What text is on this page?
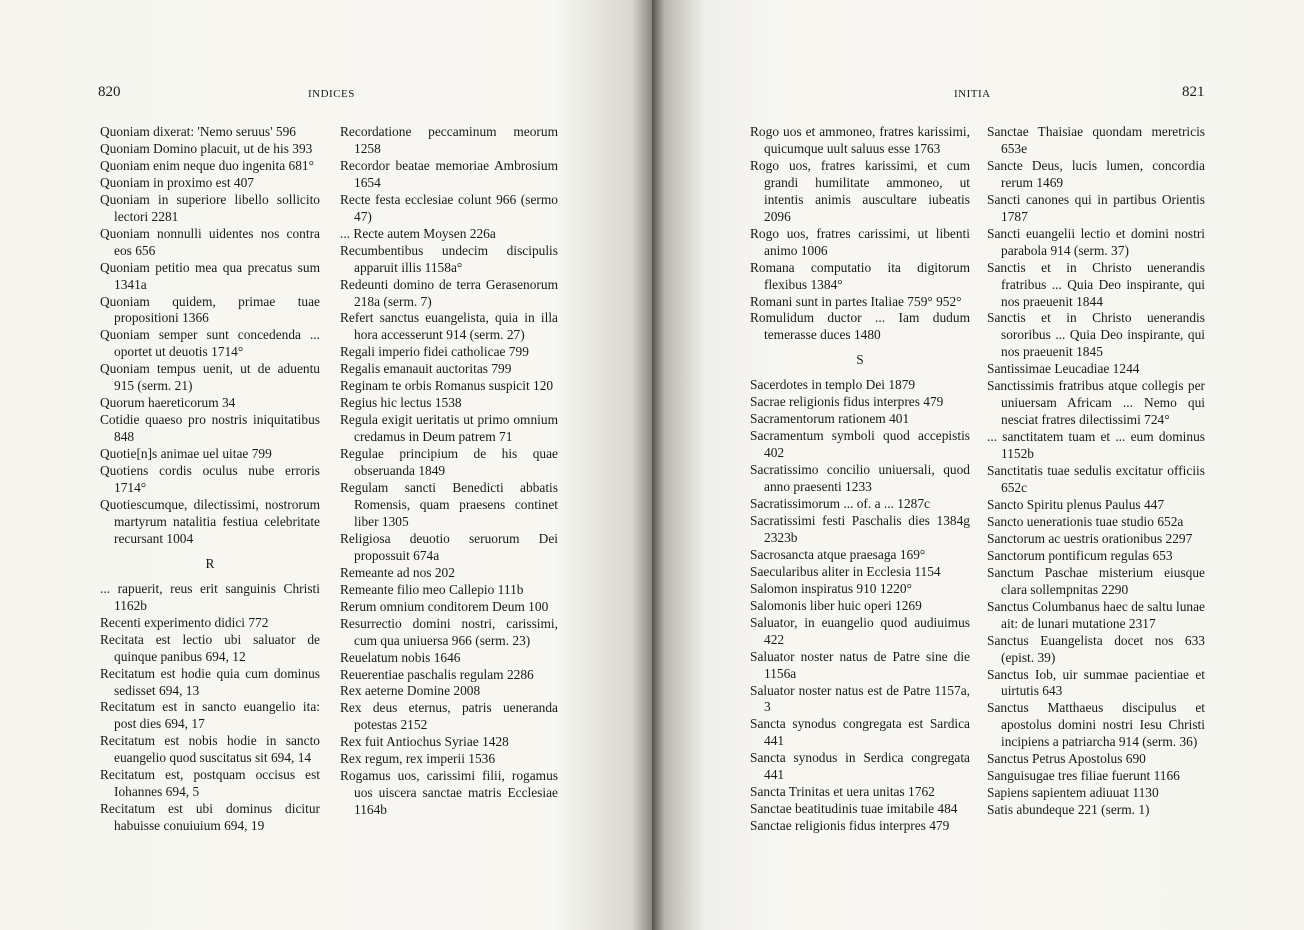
820	INDICES
Quoniam dixerat: 'Nemo seruus' 596
Quoniam Domino placuit, ut de his 393
Quoniam enim neque duo ingenita 681°
Quoniam in proximo est 407
Quoniam in superiore libello sollicito lectori 2281
Quoniam nonnulli uidentes nos contra eos 656
Quoniam petitio mea qua precatus sum 1341a
Quoniam quidem, primae tuae propositioni 1366
Quoniam semper sunt concedenda ... oportet ut deuotis 1714°
Quoniam tempus uenit, ut de aduentu 915 (serm. 21)
Quorum haereticorum 34
Cotidie quaeso pro nostris iniquitatibus 848
Quotie[n]s animae uel uitae 799
Quotiens cordis oculus nube erroris 1714°
Quotiescumque, dilectissimi, nostrorum martyrum natalitia festiua celebritate recursant 1004
R
... rapuerit, reus erit sanguinis Christi 1162b
Recenti experimento didici 772
Recitata est lectio ubi saluator de quinque panibus 694, 12
Recitatum est hodie quia cum dominus sedisset 694, 13
Recitatum est in sancto euangelio ita: post dies 694, 17
Recitatum est nobis hodie in sancto euangelio quod suscitatus sit 694, 14
Recitatum est, postquam occisus est Iohannes 694, 5
Recitatum est ubi dominus dicitur habuisse conuiuium 694, 19
Recordatione peccaminum meorum 1258
Recordor beatae memoriae Ambrosium 1654
Recte festa ecclesiae colunt 966 (sermo 47)
... Recte autem Moysen 226a
Recumbentibus undecim discipulis apparuit illis 1158a°
Redeunti domino de terra Gerasenorum 218a (serm. 7)
Refert sanctus euangelista, quia in illa hora accesserunt 914 (serm. 27)
Regali imperio fidei catholicae 799
Regalis emanauit auctoritas 799
Reginam te orbis Romanus suspicit 120
Regius hic lectus 1538
Regula exigit ueritatis ut primo omnium credamus in Deum patrem 71
Regulae principium de his quae obseruanda 1849
Regulam sancti Benedicti abbatis Romensis, quam praesens continet liber 1305
Religiosa deuotio seruorum Dei propossuit 674a
Remeante ad nos 202
Remeante filio meo Callepio 111b
Rerum omnium conditorem Deum 100
Resurrectio domini nostri, carissimi, cum qua uniuersa 966 (serm. 23)
Reuelatum nobis 1646
Reuerentiae paschalis regulam 2286
Rex aeterne Domine 2008
Rex deus eternus, patris ueneranda potestas 2152
Rex fuit Antiochus Syriae 1428
Rex regum, rex imperii 1536
Rogamus uos, carissimi filii, rogamus uos uiscera sanctae matris Ecclesiae 1164b
INITIA	821
Rogo uos et ammoneo, fratres karissimi, quicumque uult saluus esse 1763
Rogo uos, fratres karissimi, et cum grandi humilitate ammoneo, ut intentis animis auscultare iubeatis 2096
Rogo uos, fratres carissimi, ut libenti animo 1006
Romana computatio ita digitorum flexibus 1384°
Romani sunt in partes Italiae 759° 952°
Romulidum ductor ... Iam dudum temerasse duces 1480
S
Sacerdotes in templo Dei 1879
Sacrae religionis fidus interpres 479
Sacramentorum rationem 401
Sacramentum symboli quod accepistis 402
Sacratissimo concilio uniuersali, quod anno praesenti 1233
Sacratissimorum ... of. a ... 1287c
Sacratissimi festi Paschalis dies 1384g 2323b
Sacrosancta atque praesaga 169°
Saecularibus aliter in Ecclesia 1154
Salomon inspiratus 910 1220°
Salomonis liber huic operi 1269
Saluator, in euangelio quod audiuimus 422
Saluator noster natus de Patre sine die 1156a
Saluator noster natus est de Patre 1157a, 3
Sancta synodus congregata est Sardica 441
Sancta synodus in Serdica congregata 441
Sancta Trinitas et uera unitas 1762
Sanctae beatitudinis tuae imitabile 484
Sanctae religionis fidus interpres 479
Sanctae Thaisiae quondam meretricis 653e
Sancte Deus, lucis lumen, concordia rerum 1469
Sancti canones qui in partibus Orientis 1787
Sancti euangelii lectio et domini nostri parabola 914 (serm. 37)
Sanctis et in Christo uenerandis fratribus ... Quia Deo inspirante, qui nos praeuenit 1844
Sanctis et in Christo uenerandis sororibus ... Quia Deo inspirante, qui nos praeuenit 1845
Santissimae Leucadiae 1244
Sanctissimis fratribus atque collegis per uniuersam Africam ... Nemo qui nesciat fratres dilectissimi 724°
... sanctitatem tuam et ... eum dominus 1152b
Sanctitatis tuae sedulis excitatur officiis 652c
Sancto Spiritu plenus Paulus 447
Sancto uenerationis tuae studio 652a
Sanctorum ac uestris orationibus 2297
Sanctorum pontificum regulas 653
Sanctum Paschae misterium eiusque clara sollempnitas 2290
Sanctus Columbanus haec de saltu lunae ait: de lunari mutatione 2317
Sanctus Euangelista docet nos 633 (epist. 39)
Sanctus Iob, uir summae pacientiae et uirtutis 643
Sanctus Matthaeus discipulus et apostolus domini nostri Iesu Christi incipiens a patriarcha 914 (serm. 36)
Sanctus Petrus Apostolus 690
Sanguisugae tres filiae fuerunt 1166
Sapiens sapientem adiuuat 1130
Satis abundeque 221 (serm. 1)
